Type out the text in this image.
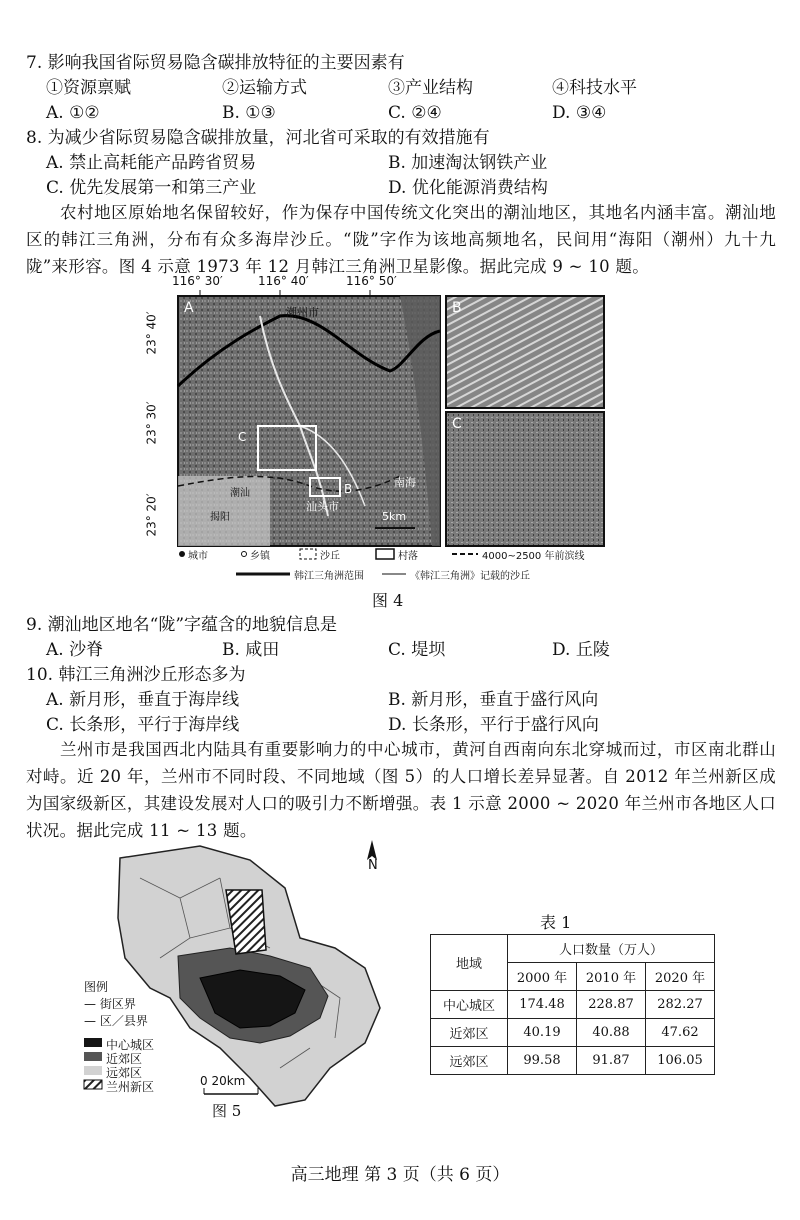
7. 影响我国省际贸易隐含碳排放特征的主要因素有
①资源禀赋	②运输方式	③产业结构	④科技水平
A. ①②	B. ①③	C. ②④	D. ③④
8. 为减少省际贸易隐含碳排放量，河北省可采取的有效措施有
A. 禁止高耗能产品跨省贸易	B. 加速淘汰钢铁产业
C. 优先发展第一和第三产业	D. 优化能源消费结构
农村地区原始地名保留较好，作为保存中国传统文化突出的潮汕地区，其地名内涵丰富。潮汕地区的韩江三角洲，分布有众多海岸沙丘。“陇”字作为该地高频地名，民间用“海阳（潮州）九十九陇”来形容。图 4 示意 1973 年 12 月韩江三角洲卫星影像。据此完成 9 ~ 10 题。
116° 30′	116° 40′	116° 50′
23° 40′
23° 30′
23° 20′
A	B
C
潮州市
南海
汕头市
潮汕
揭阳	5km
B
C
城市	乡镇	沙丘	村落	4000~2500 年前滨线
韩江三角洲范围	《韩江三角洲》记载的沙丘
图 4
9. 潮汕地区地名“陇”字蕴含的地貌信息是
A. 沙脊	B. 咸田	C. 堤坝	D. 丘陵
10. 韩江三角洲沙丘形态多为
A. 新月形，垂直于海岸线	B. 新月形，垂直于盛行风向
C. 长条形，平行于海岸线	D. 长条形，平行于盛行风向
兰州市是我国西北内陆具有重要影响力的中心城市，黄河自西南向东北穿城而过，市区南北群山对峙。近 20 年，兰州市不同时段、不同地域（图 5）的人口增长差异显著。自 2012 年兰州新区成为国家级新区，其建设发展对人口的吸引力不断增强。表 1 示意 2000 ~ 2020 年兰州市各地区人口状况。据此完成 11 ~ 13 题。
N
图例
— 街区界
— 区／县界
中心城区
近郊区
远郊区
兰州新区	0 20km
图 5
表 1
地域	人口数量（万人）		
	2000 年	2010 年	2020 年
中心城区	174.48	228.87	282.27
近郊区	40.19	40.88	47.62
远郊区	99.58	91.87	106.05
高三地理 第 3 页（共 6 页）
